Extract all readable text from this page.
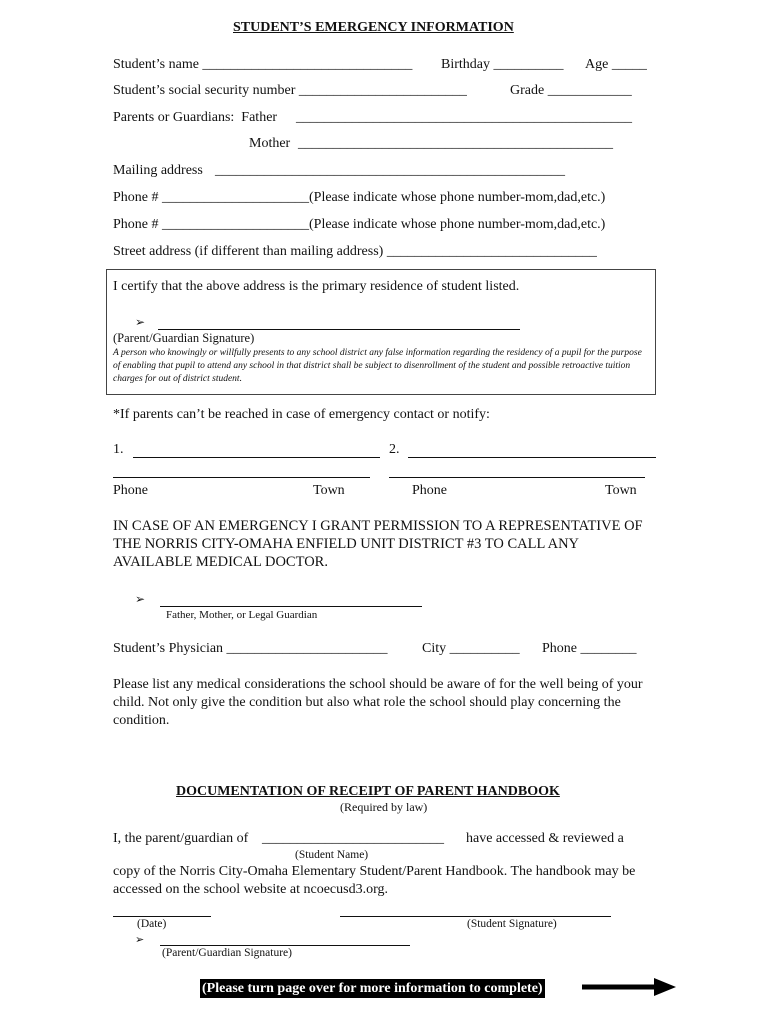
STUDENT’S EMERGENCY INFORMATION
Student’s name ______________________________ Birthday __________ Age _____
Student’s social security number ________________________	Grade ____________
Parents or Guardians:  Father ________________________________________________
Mother _____________________________________________
Mailing address __________________________________________________
Phone # _____________________(Please indicate whose phone number-mom,dad,etc.)
Phone # _____________________(Please indicate whose phone number-mom,dad,etc.)
Street address (if different than mailing address) ______________________________
I certify that the above address is the primary residence of student listed.
➢
(Parent/Guardian Signature)
A person who knowingly or willfully presents to any school district any false information regarding the residency of a pupil for the purpose of enabling that pupil to attend any school in that district shall be subject to disenrollment of the student and possible retroactive tuition charges for out of district student.
*If parents can’t be reached in case of emergency contact or notify:
1.	2.
Phone	Town	Phone	Town
IN CASE OF AN EMERGENCY I GRANT PERMISSION TO A REPRESENTATIVE OF THE NORRIS CITY-OMAHA ENFIELD UNIT DISTRICT #3 TO CALL ANY AVAILABLE MEDICAL DOCTOR.
➢
Father, Mother, or Legal Guardian
Student’s Physician _______________________ City __________ Phone ________
Please list any medical considerations the school should be aware of for the well being of your child. Not only give the condition but also what role the school should play concerning the condition.
DOCUMENTATION OF RECEIPT OF PARENT HANDBOOK
(Required by law)
I, the parent/guardian of __________________________ have accessed & reviewed a
(Student Name)
copy of the Norris City-Omaha Elementary Student/Parent Handbook. The handbook may be accessed on the school website at ncoecusd3.org.
(Date)	(Student Signature)
➢
(Parent/Guardian Signature)
(Please turn page over for more information to complete)
